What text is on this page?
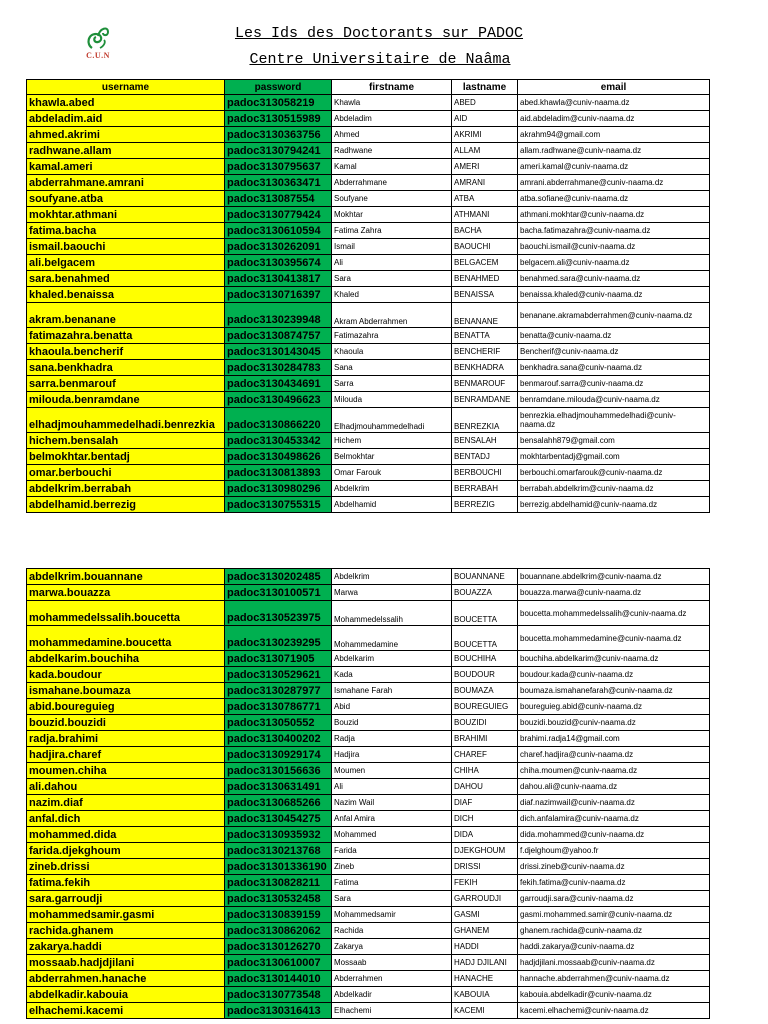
C.U.N
Les Ids des Doctorants sur PADOC
Centre Universitaire de Naâma
username	password	firstname	lastname	email
khawla.abed	padoc313058219	Khawla	ABED	abed.khawla@cuniv-naama.dz
abdeladim.aid	padoc3130515989	Abdeladim	AID	aid.abdeladim@cuniv-naama.dz
ahmed.akrimi	padoc3130363756	Ahmed	AKRIMI	akrahm94@gmail.com
radhwane.allam	padoc3130794241	Radhwane	ALLAM	allam.radhwane@cuniv-naama.dz
kamal.ameri	padoc3130795637	Kamal	AMERI	ameri.kamal@cuniv-naama.dz
abderrahmane.amrani	padoc3130363471	Abderrahmane	AMRANI	amrani.abderrahmane@cuniv-naama.dz
soufyane.atba	padoc313087554	Soufyane	ATBA	atba.sofiane@cuniv-naama.dz
mokhtar.athmani	padoc3130779424	Mokhtar	ATHMANI	athmani.mokhtar@cuniv-naama.dz
fatima.bacha	padoc3130610594	Fatima Zahra	BACHA	bacha.fatimazahra@cuniv-naama.dz
ismail.baouchi	padoc3130262091	Ismail	BAOUCHI	baouchi.ismail@cuniv-naama.dz
ali.belgacem	padoc3130395674	Ali	BELGACEM	belgacem.ali@cuniv-naama.dz
sara.benahmed	padoc3130413817	Sara	BENAHMED	benahmed.sara@cuniv-naama.dz
khaled.benaissa	padoc3130716397	Khaled	BENAISSA	benaissa.khaled@cuniv-naama.dz
akram.benanane	padoc3130239948	Akram Abderrahmen	BENANANE	benanane.akramabderrahmen@cuniv-naama.dz
fatimazahra.benatta	padoc3130874757	Fatimazahra	BENATTA	benatta@cuniv-naama.dz
khaoula.bencherif	padoc3130143045	Khaoula	BENCHERIF	Bencherif@cuniv-naama.dz
sana.benkhadra	padoc3130284783	Sana	BENKHADRA	benkhadra.sana@cuniv-naama.dz
sarra.benmarouf	padoc3130434691	Sarra	BENMAROUF	benmarouf.sarra@cuniv-naama.dz
milouda.benramdane	padoc3130496623	Milouda	BENRAMDANE	benramdane.milouda@cuniv-naama.dz
elhadjmouhammedelhadi.benrezkia	padoc3130866220	Elhadjmouhammedelhadi	BENREZKIA	benrezkia.elhadjmouhammedelhadi@cuniv-naama.dz
hichem.bensalah	padoc3130453342	Hichem	BENSALAH	bensalahh879@gmail.com
belmokhtar.bentadj	padoc3130498626	Belmokhtar	BENTADJ	mokhtarbentadj@gmail.com
omar.berbouchi	padoc3130813893	Omar Farouk	BERBOUCHI	berbouchi.omarfarouk@cuniv-naama.dz
abdelkrim.berrabah	padoc3130980296	Abdelkrim	BERRABAH	berrabah.abdelkrim@cuniv-naama.dz
abdelhamid.berrezig	padoc3130755315	Abdelhamid	BERREZIG	berrezig.abdelhamid@cuniv-naama.dz
abdelkrim.bouannane	padoc3130202485	Abdelkrim	BOUANNANE	bouannane.abdelkrim@cuniv-naama.dz
marwa.bouazza	padoc3130100571	Marwa	BOUAZZA	bouazza.marwa@cuniv-naama.dz
mohammedelssalih.boucetta	padoc3130523975	Mohammedelssalih	BOUCETTA	boucetta.mohammedelssalih@cuniv-naama.dz
mohammedamine.boucetta	padoc3130239295	Mohammedamine	BOUCETTA	boucetta.mohammedamine@cuniv-naama.dz
abdelkarim.bouchiha	padoc313071905	Abdelkarim	BOUCHIHA	bouchiha.abdelkarim@cuniv-naama.dz
kada.boudour	padoc3130529621	Kada	BOUDOUR	boudour.kada@cuniv-naama.dz
ismahane.boumaza	padoc3130287977	Ismahane Farah	BOUMAZA	boumaza.ismahanefarah@cuniv-naama.dz
abid.boureguieg	padoc3130786771	Abid	BOUREGUIEG	boureguieg.abid@cuniv-naama.dz
bouzid.bouzidi	padoc313050552	Bouzid	BOUZIDI	bouzidi.bouzid@cuniv-naama.dz
radja.brahimi	padoc3130400202	Radja	BRAHIMI	brahimi.radja14@gmail.com
hadjira.charef	padoc3130929174	Hadjira	CHAREF	charef.hadjira@cuniv-naama.dz
moumen.chiha	padoc3130156636	Moumen	CHIHA	chiha.moumen@cuniv-naama.dz
ali.dahou	padoc3130631491	Ali	DAHOU	dahou.ali@cuniv-naama.dz
nazim.diaf	padoc3130685266	Nazim Wail	DIAF	diaf.nazimwail@cuniv-naama.dz
anfal.dich	padoc3130454275	Anfal Amira	DICH	dich.anfalamira@cuniv-naama.dz
mohammed.dida	padoc3130935932	Mohammed	DIDA	dida.mohammed@cuniv-naama.dz
farida.djekghoum	padoc3130213768	Farida	DJEKGHOUM	f.djelghoum@yahoo.fr
zineb.drissi	padoc31301336190	Zineb	DRISSI	drissi.zineb@cuniv-naama.dz
fatima.fekih	padoc3130828211	Fatima	FEKIH	fekih.fatima@cuniv-naama.dz
sara.garroudji	padoc3130532458	Sara	GARROUDJI	garroudji.sara@cuniv-naama.dz
mohammedsamir.gasmi	padoc3130839159	Mohammedsamir	GASMI	gasmi.mohammed.samir@cuniv-naama.dz
rachida.ghanem	padoc3130862062	Rachida	GHANEM	ghanem.rachida@cuniv-naama.dz
zakarya.haddi	padoc3130126270	Zakarya	HADDI	haddi.zakarya@cuniv-naama.dz
mossaab.hadjdjilani	padoc3130610007	Mossaab	HADJ DJILANI	hadjdjilani.mossaab@cuniv-naama.dz
abderrahmen.hanache	padoc3130144010	Abderrahmen	HANACHE	hannache.abderrahmen@cuniv-naama.dz
abdelkadir.kabouia	padoc3130773548	Abdelkadir	KABOUIA	kabouia.abdelkadir@cuniv-naama.dz
elhachemi.kacemi	padoc3130316413	Elhachemi	KACEMI	kacemi.elhachemi@cuniv-naama.dz
